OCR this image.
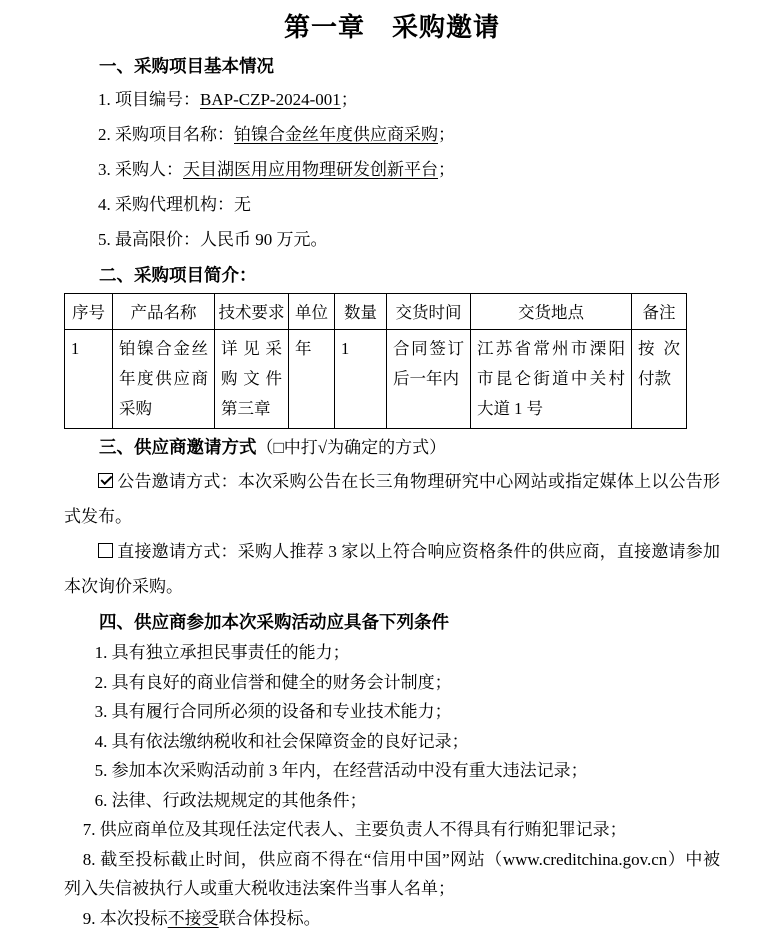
第一章　采购邀请
一、采购项目基本情况

1. 项目编号：BAP-CZP-2024-001；

2. 采购项目名称：铂镍合金丝年度供应商采购；

3. 采购人：天目湖医用应用物理研发创新平台；

4. 采购代理机构：无

5. 最高限价：人民币 90 万元。

二、采购项目简介：
序号	产品名称	技术要求	单位	数量	交货时间	交货地点	备注
1	铂镍合金丝年度供应商采购	详见采购文件第三章	年	1	合同签订后一年内	江苏省常州市溧阳市昆仑街道中关村大道 1 号	按次付款
三、供应商邀请方式（□中打√为确定的方式）

公告邀请方式：本次采购公告在长三角物理研究中心网站或指定媒体上以公告形式发布。

直接邀请方式：采购人推荐 3 家以上符合响应资格条件的供应商，直接邀请参加本次询价采购。

四、供应商参加本次采购活动应具备下列条件

1. 具有独立承担民事责任的能力；

2. 具有良好的商业信誉和健全的财务会计制度；

3. 具有履行合同所必须的设备和专业技术能力；

4. 具有依法缴纳税收和社会保障资金的良好记录；

5. 参加本次采购活动前 3 年内，在经营活动中没有重大违法记录；

6. 法律、行政法规规定的其他条件；

7. 供应商单位及其现任法定代表人、主要负责人不得具有行贿犯罪记录；

8. 截至投标截止时间，供应商不得在“信用中国”网站（www.creditchina.gov.cn）中被列入失信被执行人或重大税收违法案件当事人名单；

9. 本次投标不接受联合体投标。
